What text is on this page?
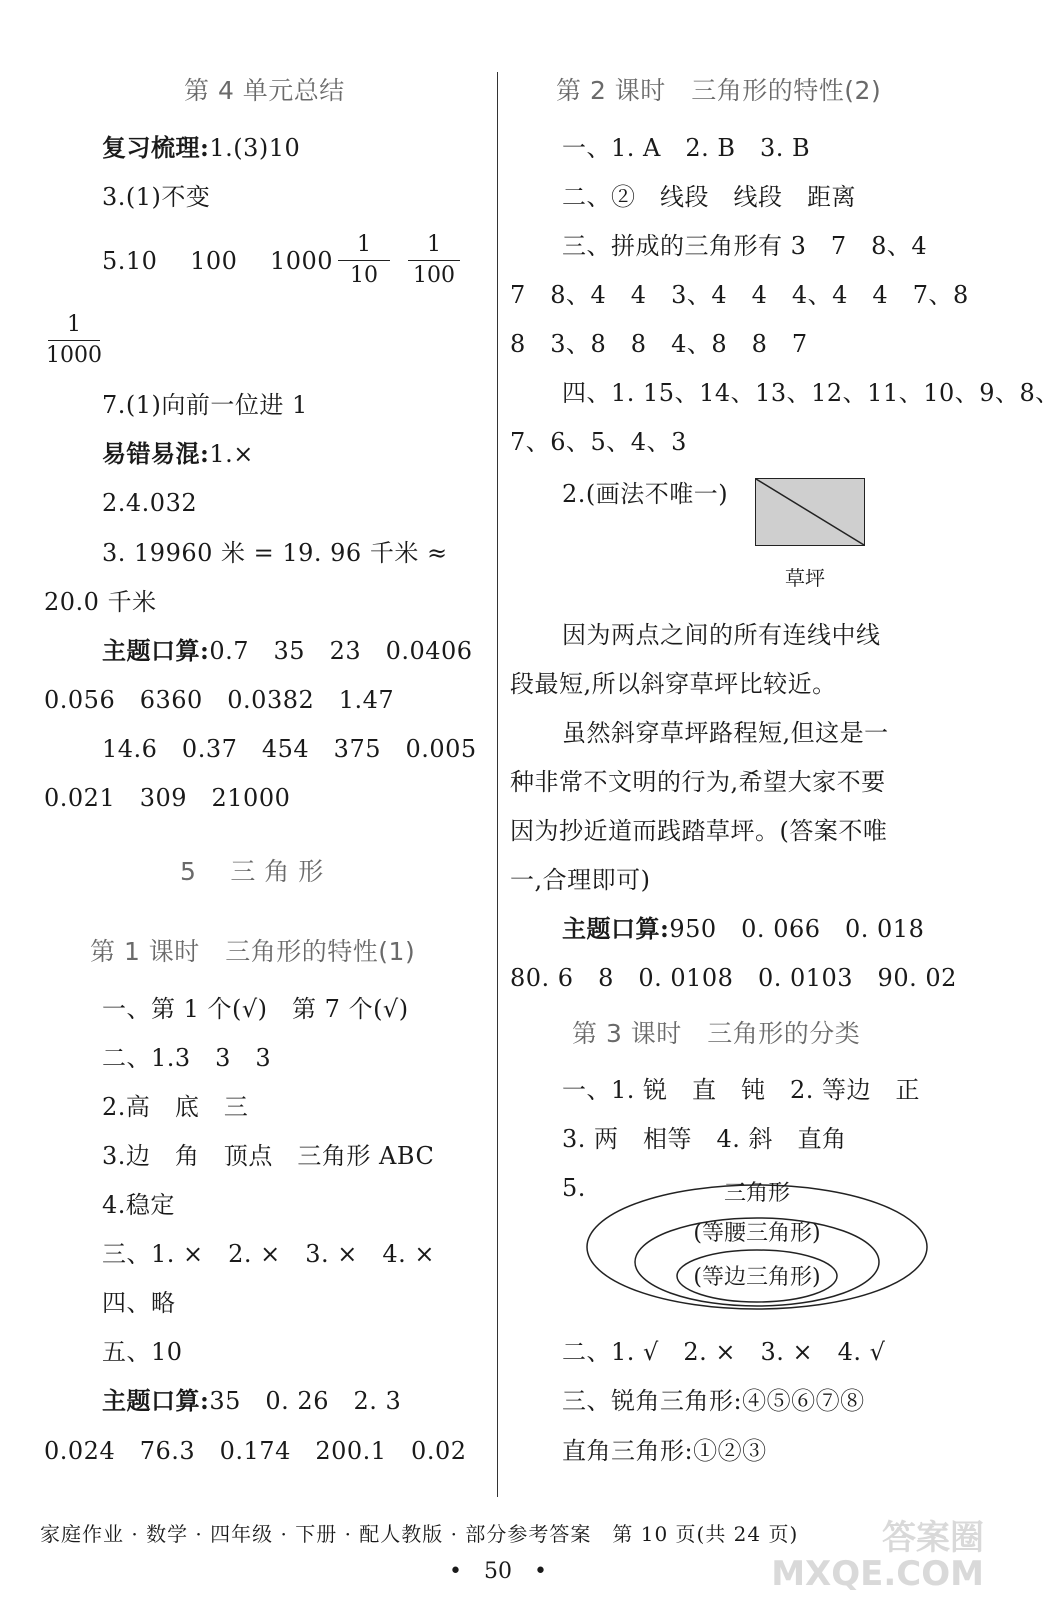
第 4 单元总结
复习梳理:1.(3)10
3.(1)不变
5.10　 100　 1000
1
10
1
100
1
1000
7.(1)向前一位进 1
易错易混:1.×
2.4.032
3. 19960 米 = 19. 96 千米 ≈
20.0 千米
主题口算:0.7　35　23　0.0406
0.056　6360　0.0382　1.47
14.6　0.37　454　375　0.005
0.021　309　21000
5　 三 角 形
第 1 课时　三角形的特性(1)
一、第 1 个(√)　第 7 个(√)
二、1.3　3　3
2.高　底　三
3.边　角　顶点　三角形 ABC
4.稳定
三、1. ×　2. ×　3. ×　4. ×
四、略
五、10
主题口算:35　0. 26　2. 3
0.024　76.3　0.174　200.1　0.02
第 2 课时　三角形的特性(2)
一、1. A　2. B　3. B
二、②　线段　线段　距离
三、拼成的三角形有 3　7　8、4
7　8、4　4　3、4　4　4、4　4　7、8
8　3、8　8　4、8　8　7
四、1. 15、14、13、12、11、10、9、8、
7、6、5、4、3
2.(画法不唯一)
因为两点之间的所有连线中线
段最短,所以斜穿草坪比较近。
虽然斜穿草坪路程短,但这是一
种非常不文明的行为,希望大家不要
因为抄近道而践踏草坪。(答案不唯
一,合理即可)
主题口算:950　0. 066　0. 018
80. 6　8　0. 0108　0. 0103　90. 02
第 3 课时　三角形的分类
一、1. 锐　直　钝　2. 等边　正
3. 两　相等　4. 斜　直角
5.
二、1. √　2. ×　3. ×　4. √
三、锐角三角形:④⑤⑥⑦⑧
直角三角形:①②③
草坪
三角形
(等腰三角形)
(等边三角形)
家庭作业 · 数学 · 四年级 · 下册 · 配人教版 · 部分参考答案　第 10 页(共 24 页)
•　50　•
答案圈
MXQE.COM
